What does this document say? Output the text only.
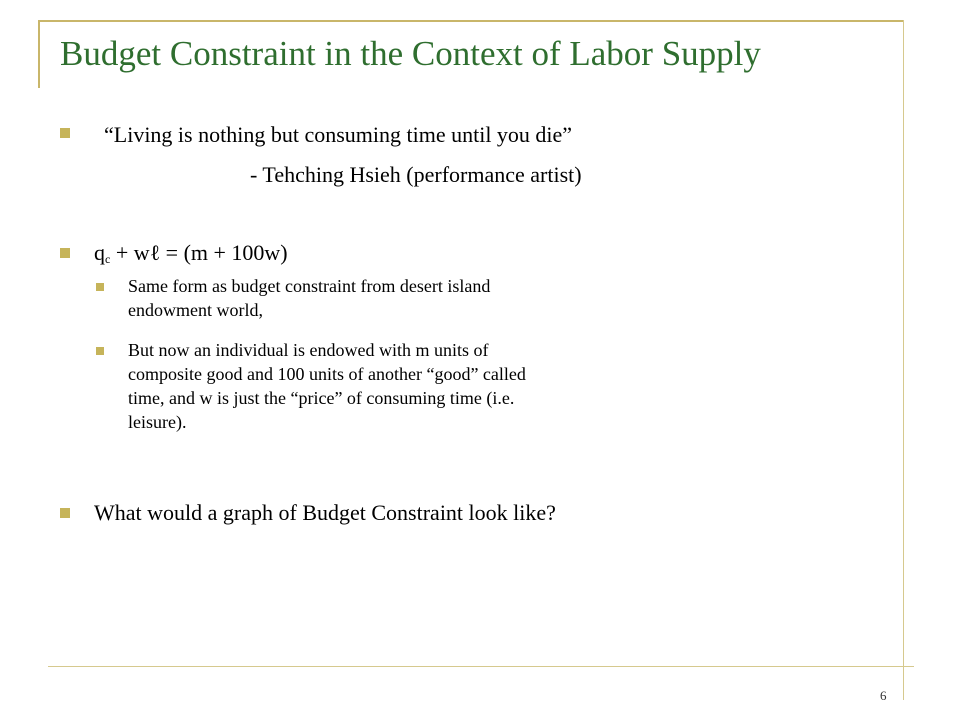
Budget Constraint in the Context of Labor Supply
“Living is nothing but consuming time until you die”
- Tehching Hsieh (performance artist)
qc + wℓ = (m + 100w)
Same form as budget constraint from desert island
endowment world,
But now an individual is endowed with m units of
composite good and 100 units of another “good” called
time, and w is just the “price” of consuming time (i.e.
leisure).
What would a graph of Budget Constraint look like?
6
